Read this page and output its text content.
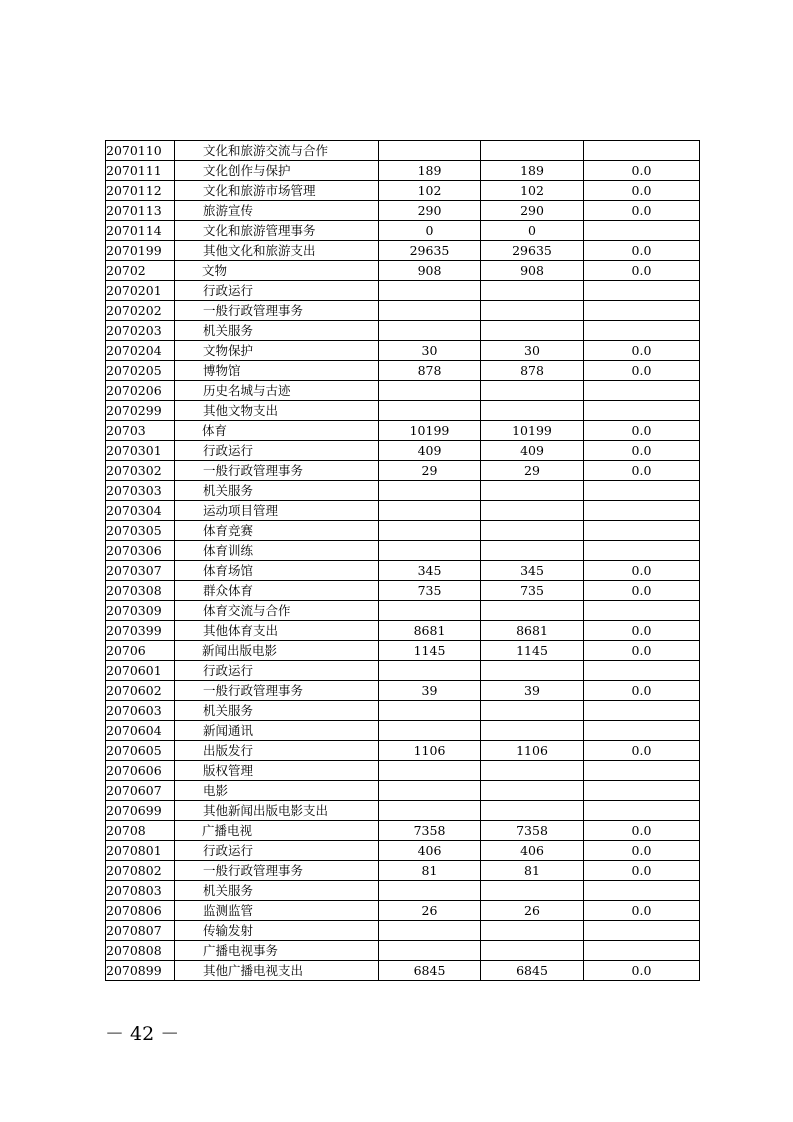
2070110	文化和旅游交流与合作			
2070111	文化创作与保护	189	189	0.0
2070112	文化和旅游市场管理	102	102	0.0
2070113	旅游宣传	290	290	0.0
2070114	文化和旅游管理事务	0	0	
2070199	其他文化和旅游支出	29635	29635	0.0
20702	文物	908	908	0.0
2070201	行政运行			
2070202	一般行政管理事务			
2070203	机关服务			
2070204	文物保护	30	30	0.0
2070205	博物馆	878	878	0.0
2070206	历史名城与古迹			
2070299	其他文物支出			
20703	体育	10199	10199	0.0
2070301	行政运行	409	409	0.0
2070302	一般行政管理事务	29	29	0.0
2070303	机关服务			
2070304	运动项目管理			
2070305	体育竞赛			
2070306	体育训练			
2070307	体育场馆	345	345	0.0
2070308	群众体育	735	735	0.0
2070309	体育交流与合作			
2070399	其他体育支出	8681	8681	0.0
20706	新闻出版电影	1145	1145	0.0
2070601	行政运行			
2070602	一般行政管理事务	39	39	0.0
2070603	机关服务			
2070604	新闻通讯			
2070605	出版发行	1106	1106	0.0
2070606	版权管理			
2070607	电影			
2070699	其他新闻出版电影支出			
20708	广播电视	7358	7358	0.0
2070801	行政运行	406	406	0.0
2070802	一般行政管理事务	81	81	0.0
2070803	机关服务			
2070806	监测监管	26	26	0.0
2070807	传输发射			
2070808	广播电视事务			
2070899	其他广播电视支出	6845	6845	0.0
－ 42 －
